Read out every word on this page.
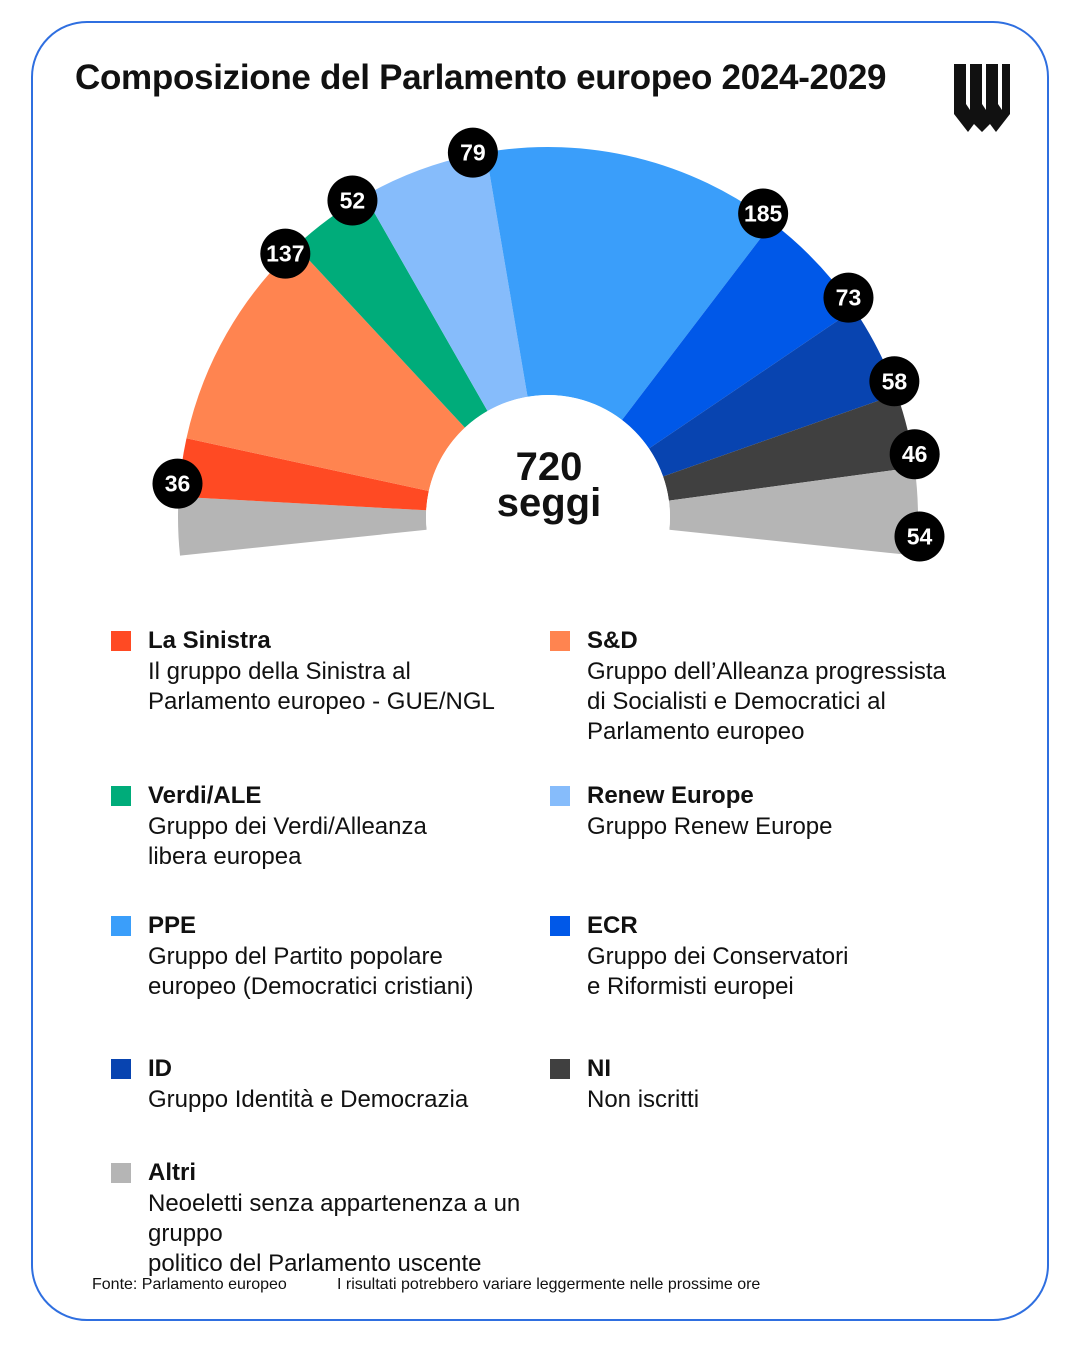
Composizione del Parlamento europeo 2024-2029
36
137
52
79
185
73
58
46
54
720
seggi
La Sinistra
Il gruppo della Sinistra al
Parlamento europeo - GUE/NGL
S&D
Gruppo dell’Alleanza progressista
di Socialisti e Democratici al
Parlamento europeo
Verdi/ALE
Gruppo dei Verdi/Alleanza
libera europea
Renew Europe
Gruppo Renew Europe
PPE
Gruppo del Partito popolare
europeo (Democratici cristiani)
ECR
Gruppo dei Conservatori
e Riformisti europei
ID
Gruppo Identità e Democrazia
NI
Non iscritti
Altri
Neoeletti senza appartenenza a un gruppo
politico del Parlamento uscente
Fonte: Parlamento europeo	I risultati potrebbero variare leggermente nelle prossime ore
